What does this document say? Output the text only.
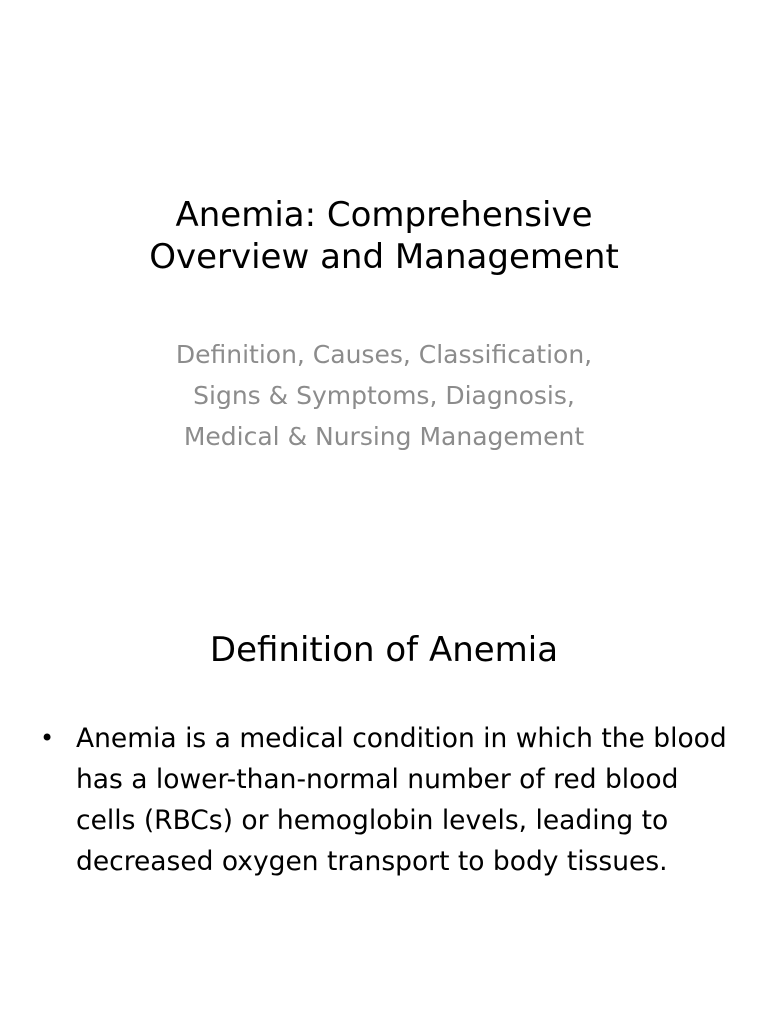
Anemia: Comprehensive
Overview and Management
Definition, Causes, Classification,
Signs & Symptoms, Diagnosis,
Medical & Nursing Management
Definition of Anemia
• Anemia is a medical condition in which the blood has a lower-than-normal number of red blood cells (RBCs) or hemoglobin levels, leading to decreased oxygen transport to body tissues.
